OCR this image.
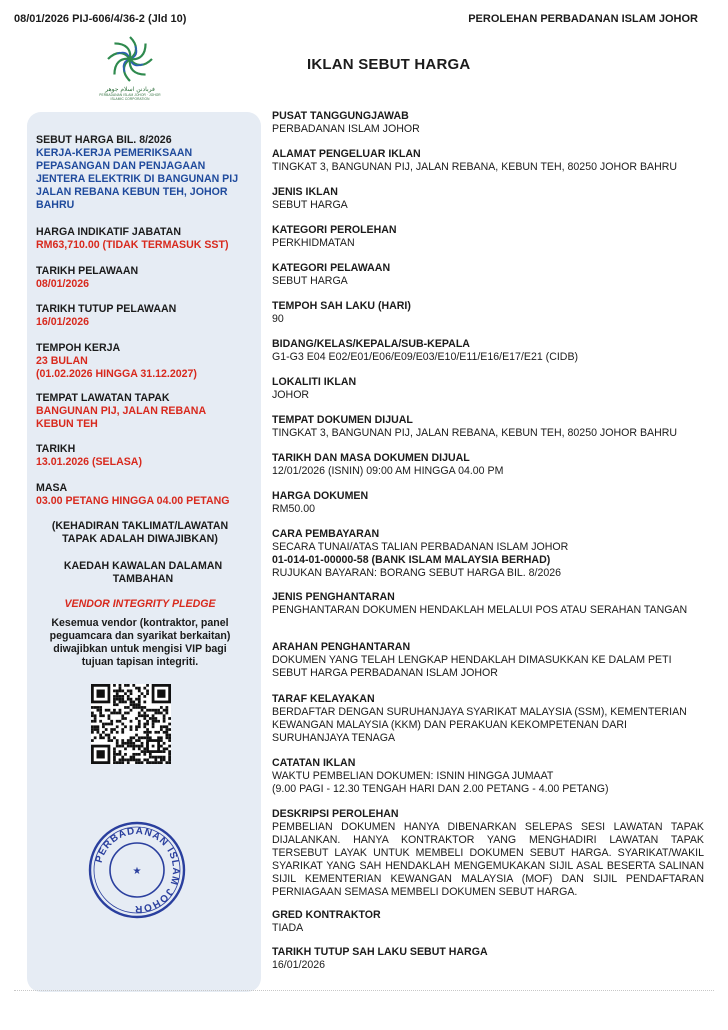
08/01/2026 PIJ-606/4/36-2 (Jld 10)	PEROLEHAN PERBADANAN ISLAM JOHOR
فربادنن اسلام جوهر
PERBADANAN ISLAM JOHOR · JOHOR ISLAMIC CORPORATION
IKLAN SEBUT HARGA
SEBUT HARGA BIL. 8/2026
KERJA-KERJA PEMERIKSAAN PEPASANGAN DAN PENJAGAAN JENTERA ELEKTRIK DI BANGUNAN PIJ JALAN REBANA KEBUN TEH, JOHOR BAHRU
HARGA INDIKATIF JABATAN
RM63,710.00 (TIDAK TERMASUK SST)
TARIKH PELAWAAN
08/01/2026
TARIKH TUTUP PELAWAAN
16/01/2026
TEMPOH KERJA
23 BULAN
(01.02.2026 HINGGA 31.12.2027)
TEMPAT LAWATAN TAPAK
BANGUNAN PIJ, JALAN REBANA KEBUN TEH
TARIKH
13.01.2026 (SELASA)
MASA
03.00 PETANG HINGGA 04.00 PETANG
(KEHADIRAN TAKLIMAT/LAWATAN TAPAK ADALAH DIWAJIBKAN)
KAEDAH KAWALAN DALAMAN TAMBAHAN
VENDOR INTEGRITY PLEDGE
Kesemua vendor (kontraktor, panel peguamcara dan syarikat berkaitan) diwajibkan untuk mengisi VIP bagi tujuan tapisan integriti.
PERBADANAN ISLAM JOHOR
★
PUSAT TANGGUNGJAWAB
PERBADANAN ISLAM JOHOR
ALAMAT PENGELUAR IKLAN
TINGKAT 3, BANGUNAN PIJ, JALAN REBANA, KEBUN TEH, 80250 JOHOR BAHRU
JENIS IKLAN
SEBUT HARGA
KATEGORI PEROLEHAN
PERKHIDMATAN
KATEGORI PELAWAAN
SEBUT HARGA
TEMPOH SAH LAKU (HARI)
90
BIDANG/KELAS/KEPALA/SUB-KEPALA
G1-G3 E04 E02/E01/E06/E09/E03/E10/E11/E16/E17/E21 (CIDB)
LOKALITI IKLAN
JOHOR
TEMPAT DOKUMEN DIJUAL
TINGKAT 3, BANGUNAN PIJ, JALAN REBANA, KEBUN TEH, 80250 JOHOR BAHRU
TARIKH DAN MASA DOKUMEN DIJUAL
12/01/2026 (ISNIN) 09:00 AM HINGGA 04.00 PM
HARGA DOKUMEN
RM50.00
CARA PEMBAYARAN
SECARA TUNAI/ATAS TALIAN PERBADANAN ISLAM JOHOR
01-014-01-00000-58 (BANK ISLAM MALAYSIA BERHAD)
RUJUKAN BAYARAN: BORANG SEBUT HARGA BIL. 8/2026
JENIS PENGHANTARAN
PENGHANTARAN DOKUMEN HENDAKLAH MELALUI POS ATAU SERAHAN TANGAN
ARAHAN PENGHANTARAN
DOKUMEN YANG TELAH LENGKAP HENDAKLAH DIMASUKKAN KE DALAM PETI SEBUT HARGA PERBADANAN ISLAM JOHOR
TARAF KELAYAKAN
BERDAFTAR DENGAN SURUHANJAYA SYARIKAT MALAYSIA (SSM), KEMENTERIAN KEWANGAN MALAYSIA (KKM) DAN PERAKUAN KEKOMPETENAN DARI SURUHANJAYA TENAGA
CATATAN IKLAN
WAKTU PEMBELIAN DOKUMEN: ISNIN HINGGA JUMAAT
(9.00 PAGI - 12.30 TENGAH HARI DAN 2.00 PETANG - 4.00 PETANG)
DESKRIPSI PEROLEHAN
PEMBELIAN DOKUMEN HANYA DIBENARKAN SELEPAS SESI LAWATAN TAPAK DIJALANKAN. HANYA KONTRAKTOR YANG MENGHADIRI LAWATAN TAPAK TERSEBUT LAYAK UNTUK MEMBELI DOKUMEN SEBUT HARGA. SYARIKAT/WAKIL SYARIKAT YANG SAH HENDAKLAH MENGEMUKAKAN SIJIL ASAL BESERTA SALINAN SIJIL KEMENTERIAN KEWANGAN MALAYSIA (MOF) DAN SIJIL PENDAFTARAN PERNIAGAAN SEMASA MEMBELI DOKUMEN SEBUT HARGA.
GRED KONTRAKTOR
TIADA
TARIKH TUTUP SAH LAKU SEBUT HARGA
16/01/2026
